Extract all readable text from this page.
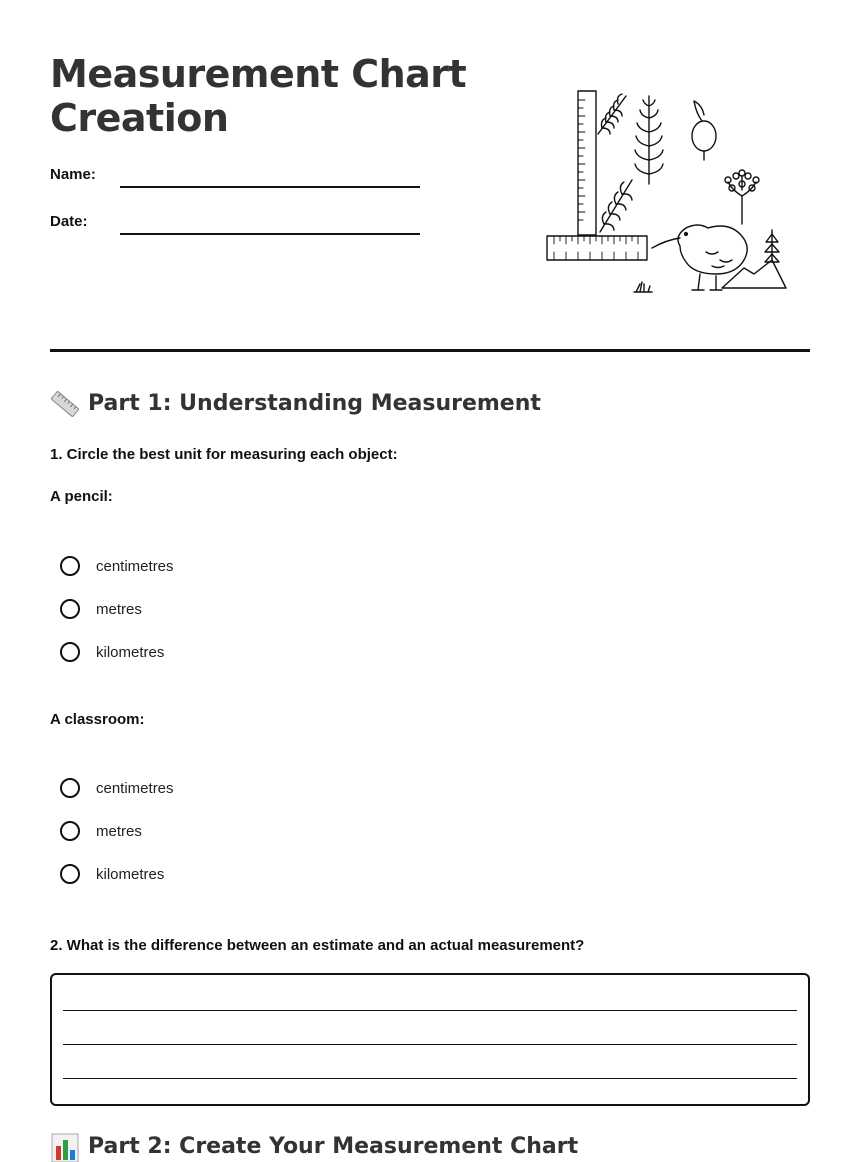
Measurement Chart Creation
Name:
Date:
Part 1: Understanding Measurement

1. Circle the best unit for measuring each object:

A pencil:

centimetres
metres
kilometres

A classroom:

centimetres
metres
kilometres

2. What is the difference between an estimate and an actual measurement?

Part 2: Create Your Measurement Chart
